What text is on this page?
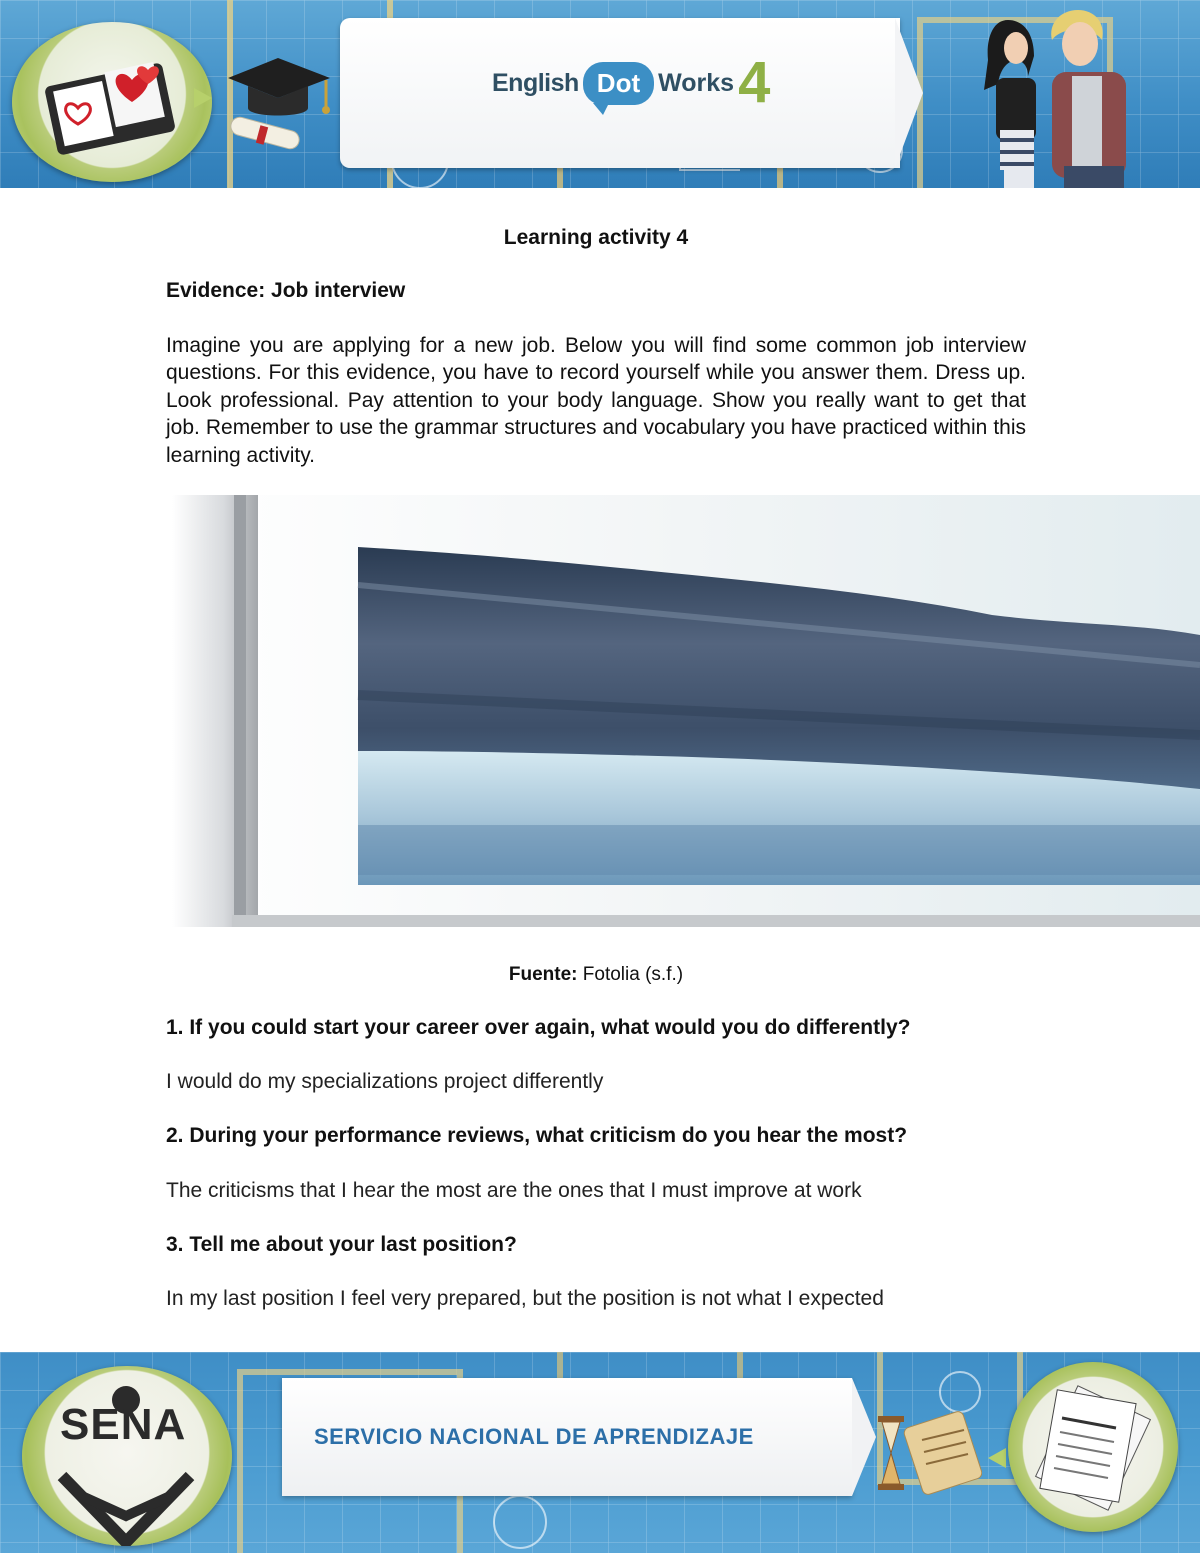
English Dot Works 4
Learning activity 4
Evidence: Job interview
Imagine you are applying for a new job. Below you will find some common job interview questions. For this evidence, you have to record yourself while you answer them. Dress up. Look professional. Pay attention to your body language. Show you really want to get that job. Remember to use the grammar structures and vocabulary you have practiced within this learning activity.
Fuente: Fotolia (s.f.)
1. If you could start your career over again, what would you do differently?
I would do my specializations project differently
2. During your performance reviews, what criticism do you hear the most?
The criticisms that I hear the most are the ones that I must improve at work
3. Tell me about your last position?
In my last position I feel very prepared, but the position is not what I expected
SENA	SERVICIO NACIONAL DE APRENDIZAJE
